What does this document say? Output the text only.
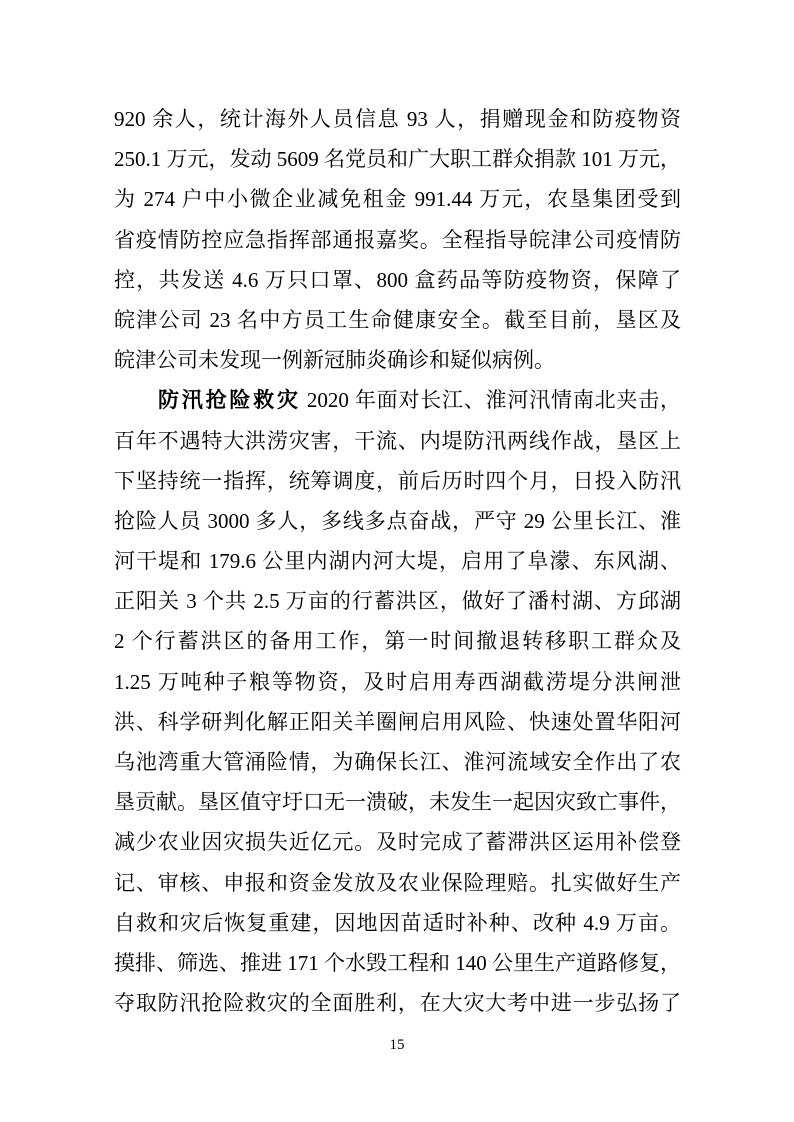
920 余人，统计海外人员信息 93 人，捐赠现金和防疫物资
250.1 万元，发动 5609 名党员和广大职工群众捐款 101 万元，
为 274 户中小微企业减免租金 991.44 万元，农垦集团受到
省疫情防控应急指挥部通报嘉奖。全程指导皖津公司疫情防
控，共发送 4.6 万只口罩、800 盒药品等防疫物资，保障了
皖津公司 23 名中方员工生命健康安全。截至目前，垦区及
皖津公司未发现一例新冠肺炎确诊和疑似病例。
防汛抢险救灾 2020 年面对长江、淮河汛情南北夹击，
百年不遇特大洪涝灾害，干流、内堤防汛两线作战，垦区上
下坚持统一指挥，统筹调度，前后历时四个月，日投入防汛
抢险人员 3000 多人，多线多点奋战，严守 29 公里长江、淮
河干堤和 179.6 公里内湖内河大堤，启用了阜濛、东风湖、
正阳关 3 个共 2.5 万亩的行蓄洪区，做好了潘村湖、方邱湖
2 个行蓄洪区的备用工作，第一时间撤退转移职工群众及
1.25 万吨种子粮等物资，及时启用寿西湖截涝堤分洪闸泄
洪、科学研判化解正阳关羊圈闸启用风险、快速处置华阳河
乌池湾重大管涌险情，为确保长江、淮河流域安全作出了农
垦贡献。垦区值守圩口无一溃破，未发生一起因灾致亡事件，
减少农业因灾损失近亿元。及时完成了蓄滞洪区运用补偿登
记、审核、申报和资金发放及农业保险理赔。扎实做好生产
自救和灾后恢复重建，因地因苗适时补种、改种 4.9 万亩。
摸排、筛选、推进 171 个水毁工程和 140 公里生产道路修复，
夺取防汛抢险救灾的全面胜利，在大灾大考中进一步弘扬了
15
